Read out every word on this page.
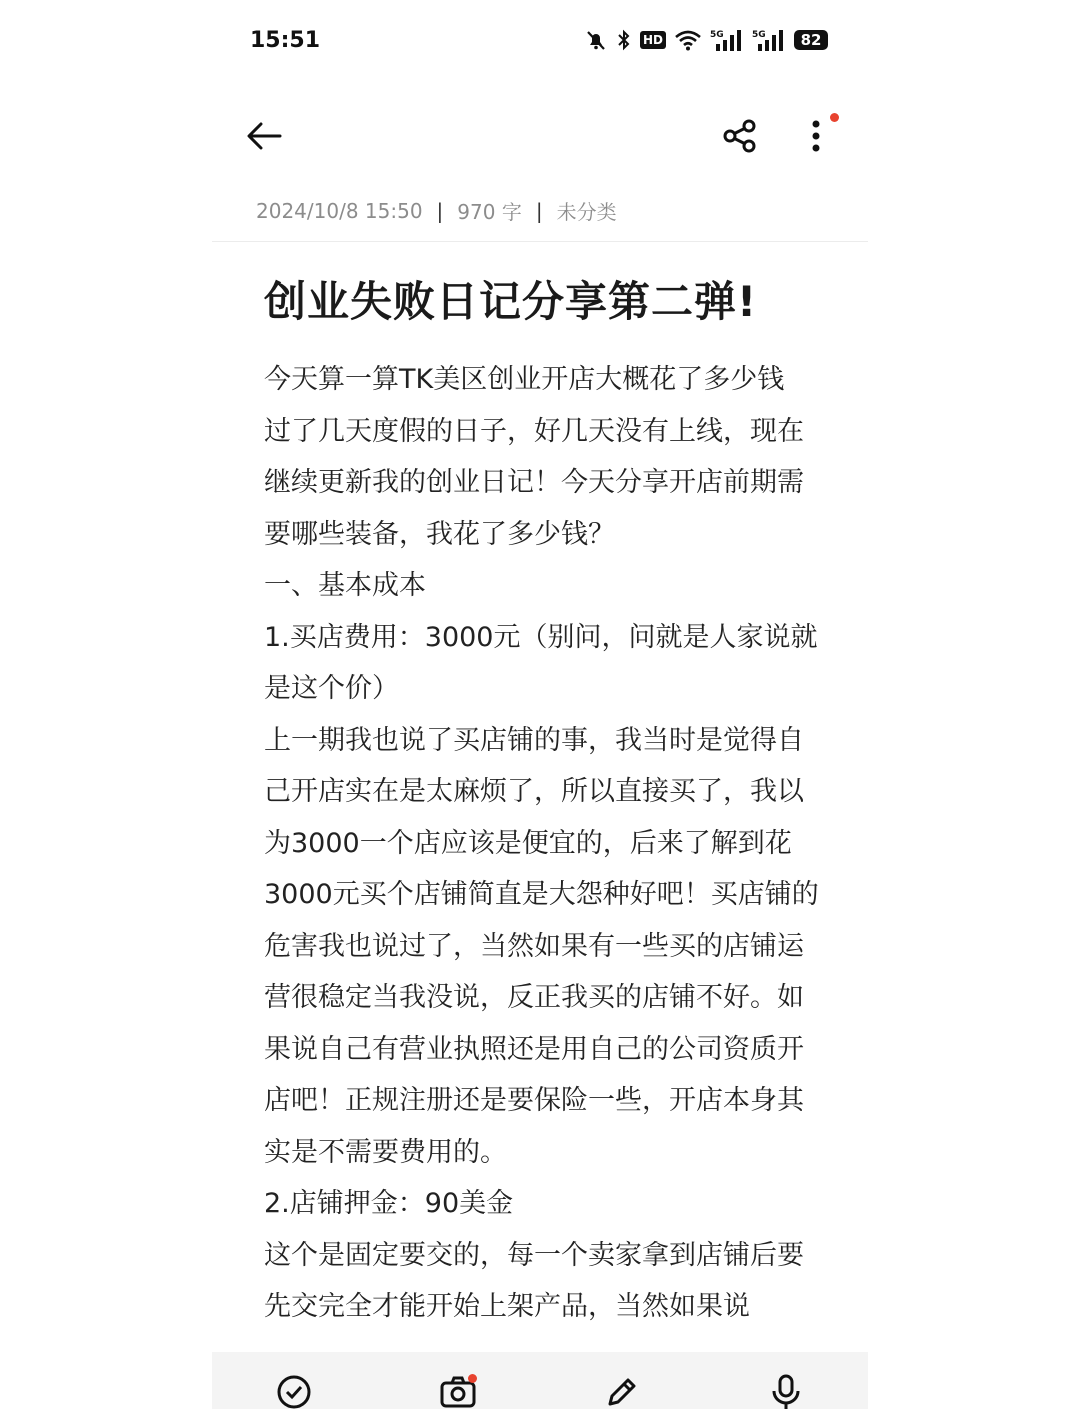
15:51	HD	5G	5G	82
2024/10/8 15:50 | 970 字 | 未分类
创业失败日记分享第二弹!

今天算一算TK美区创业开店大概花了多少钱

过了几天度假的日子，好几天没有上线，现在继续更新我的创业日记！今天分享开店前期需要哪些装备，我花了多少钱？

一、基本成本

1.买店费用：3000元（别问，问就是人家说就是这个价）

上一期我也说了买店铺的事，我当时是觉得自己开店实在是太麻烦了，所以直接买了，我以为3000一个店应该是便宜的，后来了解到花3000元买个店铺简直是大怨种好吧！买店铺的危害我也说过了，当然如果有一些买的店铺运营很稳定当我没说，反正我买的店铺不好。如果说自己有营业执照还是用自己的公司资质开店吧！正规注册还是要保险一些，开店本身其实是不需要费用的。

2.店铺押金：90美金

这个是固定要交的，每一个卖家拿到店铺后要先交完全才能开始上架产品，当然如果说
